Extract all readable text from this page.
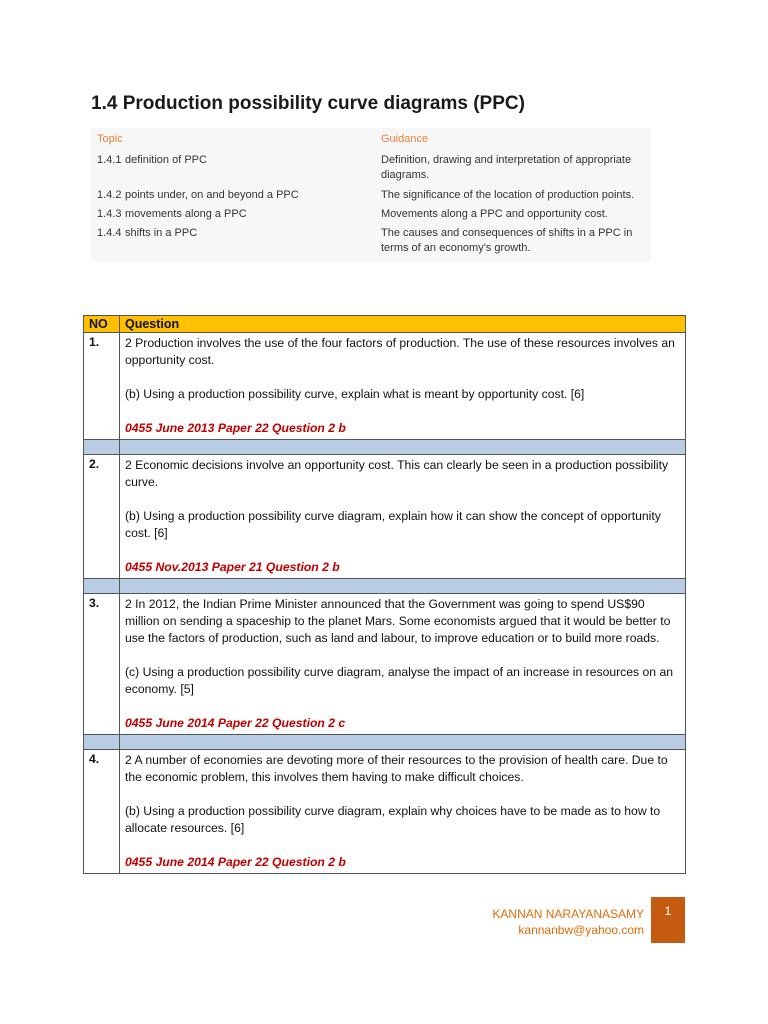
1.4 Production possibility curve diagrams (PPC)
Topic	Guidance
1.4.1 definition of PPC	Definition, drawing and interpretation of appropriate diagrams.
1.4.2 points under, on and beyond a PPC	The significance of the location of production points.
1.4.3 movements along a PPC	Movements along a PPC and opportunity cost.
1.4.4 shifts in a PPC	The causes and consequences of shifts in a PPC in terms of an economy's growth.
NO	Question
1.	2 Production involves the use of the four factors of production. The use of these resources involves an opportunity cost.

(b) Using a production possibility curve, explain what is meant by opportunity cost. [6]

0455 June 2013 Paper 22 Question 2 b

2.	2 Economic decisions involve an opportunity cost. This can clearly be seen in a production possibility curve.

(b) Using a production possibility curve diagram, explain how it can show the concept of opportunity cost. [6]

0455 Nov.2013 Paper 21 Question 2 b

3.	2 In 2012, the Indian Prime Minister announced that the Government was going to spend US$90 million on sending a spaceship to the planet Mars. Some economists argued that it would be better to use the factors of production, such as land and labour, to improve education or to build more roads.

(c) Using a production possibility curve diagram, analyse the impact of an increase in resources on an economy. [5]

0455 June 2014 Paper 22 Question 2 c

4.	2 A number of economies are devoting more of their resources to the provision of health care. Due to the economic problem, this involves them having to make difficult choices.

(b) Using a production possibility curve diagram, explain why choices have to be made as to how to allocate resources. [6]

0455 June 2014 Paper 22 Question 2 b

KANNAN NARAYANASAMY
kannanbw@yahoo.com
1
